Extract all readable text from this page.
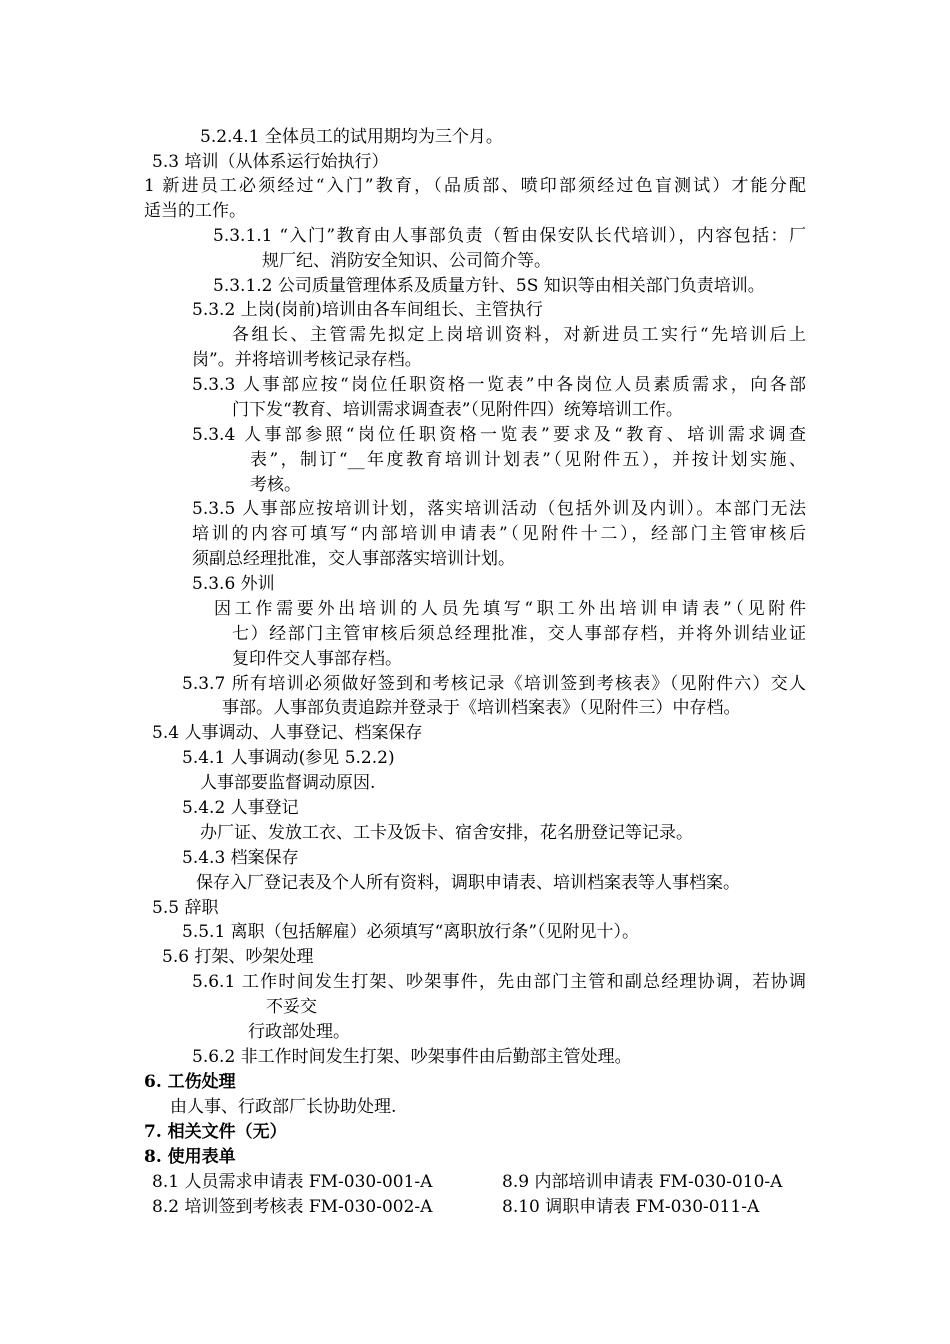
5.2.4.1 全体员工的试用期均为三个月。
5.3 培训（从体系运行始执行）
1 新进员工必须经过“入门”教育，（品质部、喷印部须经过色盲测试）才能分配
适当的工作。
5.3.1.1 “入门”教育由人事部负责（暂由保安队长代培训），内容包括：厂
规厂纪、消防安全知识、公司简介等。
5.3.1.2 公司质量管理体系及质量方针、5S 知识等由相关部门负责培训。
5.3.2 上岗(岗前)培训由各车间组长、主管执行
各组长、主管需先拟定上岗培训资料，对新进员工实行“先培训后上
岗”。并将培训考核记录存档。
5.3.3 人事部应按“岗位任职资格一览表”中各岗位人员素质需求，向各部
门下发“教育、培训需求调查表”（见附件四）统筹培训工作。
5.3.4 人事部参照“岗位任职资格一览表”要求及“教育、培训需求调查
表”，制订“__年度教育培训计划表”（见附件五），并按计划实施、
考核。
5.3.5 人事部应按培训计划，落实培训活动（包括外训及内训）。本部门无法
培训的内容可填写“内部培训申请表”（见附件十二），经部门主管审核后
须副总经理批准，交人事部落实培训计划。
5.3.6 外训
因工作需要外出培训的人员先填写“职工外出培训申请表”（见附件
七）经部门主管审核后须总经理批准，交人事部存档，并将外训结业证
复印件交人事部存档。
5.3.7 所有培训必须做好签到和考核记录《培训签到考核表》（见附件六）交人
事部。人事部负责追踪并登录于《培训档案表》（见附件三）中存档。
5.4 人事调动、人事登记、档案保存
5.4.1 人事调动(参见 5.2.2)
人事部要监督调动原因.
5.4.2 人事登记
办厂证、发放工衣、工卡及饭卡、宿舍安排，花名册登记等记录。
5.4.3 档案保存
保存入厂登记表及个人所有资料，调职申请表、培训档案表等人事档案。
5.5 辞职
5.5.1 离职（包括解雇）必须填写“离职放行条”（见附见十）。
5.6 打架、吵架处理
5.6.1 工作时间发生打架、吵架事件，先由部门主管和副总经理协调，若协调
不妥交
行政部处理。
5.6.2 非工作时间发生打架、吵架事件由后勤部主管处理。
6. 工伤处理
由人事、行政部厂长协助处理.
7. 相关文件（无）
8. 使用表单
8.1 人员需求申请表 FM-030-001-A	8.9 内部培训申请表 FM-030-010-A
8.2 培训签到考核表 FM-030-002-A	8.10 调职申请表 FM-030-011-A
